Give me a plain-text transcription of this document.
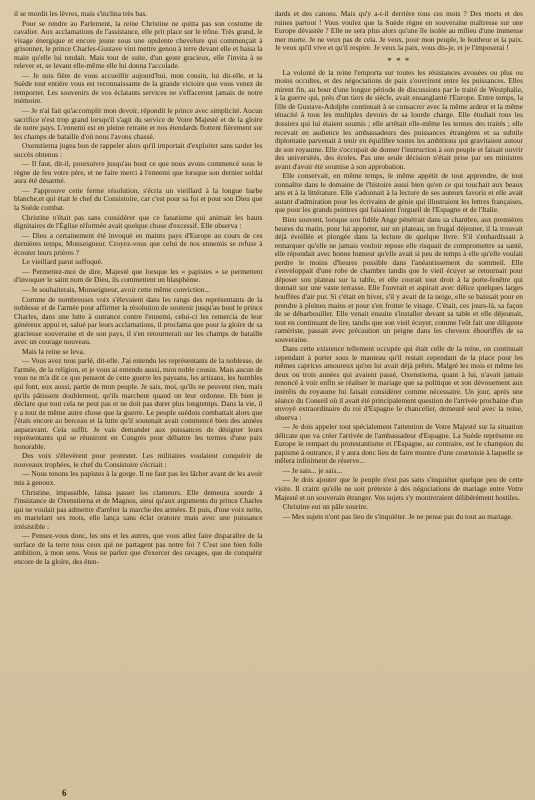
il se mordit les lèvres, mais s'inclina très bas.

Pour se rendre au Parlement, la reine Christine ne quitta pas son costume de cavalier. Aux acclamations de l'assistance, elle prit place sur le trône. Très grand, le visage énergique et encore jeune sous une opulente chevelure qui commençait à grisonner, le prince Charles-Gustave vint mettre genou à terre devant elle et baisa la main qu'elle lui tendait. Mais tout de suite, d'un geste gracieux, elle l'invita à se relever et, se levant elle-même elle lui donna l'accolade.

— Je suis fière de vous accueillir aujourd'hui, mon cousin, lui dit-elle, et la Suède tout entière vous est reconnaissante de la grande victoire que vous venez de remporter. Les souvenirs de vos éclatants services ne s'effaceront jamais de notre mémoire.

— Je n'ai fait qu'accomplir mon devoir, répondit le prince avec simplicité. Aucun sacrifice n'est trop grand lorsqu'il s'agit du service de Votre Majesté et de la gloire de notre pays. L'ennemi est en pleine retraite et nos étendards flottent fièrement sur les champs de bataille d'où nous l'avons chassé.

Oxenstierna jugea bon de rappeler alors qu'il importait d'exploiter sans tarder les succès obtenus :

— Il faut, dit-il, poursuivre jusqu'au bout ce que nous avons commencé sous le règne de feu votre père, et ne faire merci à l'ennemi que lorsque son dernier soldat aura été désarmé.

— J'approuve cette ferme résolution, s'écria un vieillard à la longue barbe blanche,et qui était le chef du Consistoire, car c'est pour sa foi et pour son Dieu que la Suède combat.

Christine n'était pas sans considérer que ce fanatisme qui animait les hauts dignitaires de l'Église réformée avait quelque chose d'excessif. Elle observa :

— Dieu a certainement été invoqué en maints pays d'Europe au cours de ces dernières temps, Monseigneur. Croyez-vous que celui de nos ennemis se refuse à écouter leurs prières ?

Le vieillard parut suffoqué.

— Permettez-moi de dire, Majesté que lorsque les « papistes » se permettent d'invoquer le saint nom de Dieu, ils commettent un blasphème.

— Je souhaiterais, Monseigneur, avoir cette même conviction...

Comme de nombreuses voix s'élevaient dans les rangs des représentants de la noblesse et de l'armée pour affirmer la résolution de soutenir jusqu'au bout le prince Charles, dans une lutte à outrance contre l'ennemi, celui-ci les remercia de leur généreux appui et, salué par leurs acclamations, il proclama que pour la gloire de sa gracieuse souveraine et de son pays, il s'en retournerait sur les champs de bataille avec un courage nouveau.

Mais la reine se leva.

— Vous avez tous parlé, dit-elle. J'ai entendu les représentants de la noblesse, de l'armée, de la religion, et je vous ai entendu aussi, mon noble cousin. Mais aucun de vous ne m'a dit ce que pensent de cette guerre les paysans, les artisans, les humbles qui font, eux aussi, partie de mon peuple. Je sais, moi, qu'ils ne peuvent rien, mais qu'ils pâtissent doublement, qu'ils marchent quand on leur ordonne. Eh bien je déclare que tout cela ne peut pas et ne doit pas durer plus longtemps. Dans la vie, il y a tout de même autre chose que la guerre. Le peuple suédois combattait alors que j'étais encore au berceau et la lutte qu'il soutenait avait commencé bien des années auparavant. Cela suffit. Je vais demander aux puissances de désigner leurs représentants qui se réuniront en Congrès pour débattre les termes d'une paix honorable.

Des voix s'élevèrent pour protester. Les militaires voulaient conquérir de nouveaux trophées, le chef du Consistoire s'écriait :

— Nous tenons les papistes à la gorge. Il ne faut pas les lâcher avant de les avoir mis à genoux.

Christine, impassible, laissa passer les clameurs. Elle demeura sourde à l'insistance de Oxenstierna et de Magnus, ainsi qu'aux arguments du prince Charles qui ne voulait pas admettre d'arrêter la marche des armées. Et puis, d'une voix nette, en martelant ses mots, elle lança sans éclat oratoire mais avec une puissance irrésistible :

— Pensez-vous donc, les uns et les autres, que vous allez faire disparaître de la surface de la terre tous ceux qui ne partagent pas notre foi ? C'est une bien folle ambition, à mon sens. Vous ne parlez que d'exercer des ravages, que de conquérir encore de la gloire, des éten-

dards et des canons. Mais qu'y a-t-il derrière tous ces mots ? Des morts et des ruines partout ! Vous voulez que la Suède règne en souveraine maîtresse sur une Europe dévastée ? Elle ne sera plus alors qu'une île isolée au milieu d'une immense mer morte. Je ne veux pas de cela. Je veux, pour mon peuple, le bonheur et la paix. Je veux qu'il vive et qu'il respire. Je veux la paix, vous dis-je, et je l'imposerai !

* * *

La volonté de la reine l'emporta sur toutes les résistances avouées ou plus ou moins occultes, et des négociations de paix s'ouvrirent entre les puissances. Elles mirent fin, au bout d'une longue période de discussions par le traité de Westphalie, à la guerre qui, près d'un tiers de siècle, avait ensanglanté l'Europe. Entre temps, la fille de Gustave-Adolphe continuait à se consacrer avec la même ardeur et la même ténacité à tous les multiples devoirs de sa lourde charge. Elle étudiait tous les dossiers qui lui étaient soumis ; elle arrêtait elle-même les termes des traités ; elle recevait en audience les ambassadeurs des puissances étrangères et sa subtile diplomatie parvenait à tenir en équilibre toutes les ambitions qui gravitaient autour de son royaume. Elle s'occupait de donner l'instruction à son peuple et faisait ouvrir des universités, des écoles. Pas une seule décision n'était prise par ses ministres avant d'avoir été soumise à son approbation.

Elle conservait, en même temps, le même appétit de tout apprendre, de tout connaître dans le domaine de l'histoire aussi bien qu'en ce qui touchait aux beaux arts et à la littérature. Elle s'adonnait à la lecture de ses auteurs favoris et elle avait autant d'admiration pour les écrivains de génie qui illustraient les lettres françaises, que pour les grands peintres qui faisaient l'orgueil de l'Espagne et de l'Italie.

Bien souvent, lorsque son fidèle Ange pénétrait dans sa chambre, aux premières heures du matin, pour lui apporter, sur un plateau, un frugal déjeuner, il la trouvait déjà éveillée et plongée dans la lecture de quelque livre. S'il s'enhardissait à remarquer qu'elle ne jamais vouloir repose elle risquait de compromettre sa santé, elle répondait avec bonne humeur qu'elle avait si peu de temps à elle qu'elle voulait perdre le moins d'heures possible dans l'anéantissement du sommeil. Elle s'enveloppait d'une robe de chambre tandis que le vieil écuyer se retournait pour déposer son plateau sur la table, et elle courait tout droit à la porte-fenêtre qui donnait sur une vaste terrasse. Elle l'ouvrait et aspirait avec délice quelques larges bouffées d'air pur. Si c'était en hiver, s'il y avait de la neige, elle se baissait pour en prendre à pleines mains et pour s'en frotter le visage. C'était, ces jours-là, sa façon de se débarbouiller. Elle venait ensuite s'installer devant sa table et elle déjeunait, tout en continuant de lire, tandis que son vieil écuyer, comme l'eût fait une diligente camériste, passait avec précaution un peigne dans les cheveux ébouriffés de sa souveraine.

Dans cette existence tellement occupée qui était celle de la reine, on continuait cependant à porter sous le manteau qu'il restait cependant de la place pour les mêmes caprices amoureux qu'on lui avait déjà prêtés. Malgré les mois et même les deux ou trois années qui avaient passé, Oxenstierna, quant à lui, n'avait jamais renoncé à voir enfin se réaliser le mariage que sa politique et son dévouement aux intérêts du royaume lui faisait considérer comme nécessaire. Un jour, après une séance du Conseil où il avait été principalement question de l'arrivée prochaine d'un envoyé extraordinaire du roi d'Espagne le chancelier, demeuré seul avec la reine, observa :

— Je dois appeler tout spécialement l'attention de Votre Majesté sur la situation délicate que va créer l'arrivée de l'ambassadeur d'Espagne. La Suède représente en Europe le rempart du protestantisme et l'Espagne, au contraire, est le champion du papisme à outrance, il y aura donc lieu de faire montre d'une courtoisie à laquelle se mêlera infiniment de réserve...

— Je sais... je sais...

— Je dois ajouter que le peuple n'est pas sans s'inquiéter quelque peu de cette visite. Il craint qu'elle ne soit prétexte à des négociations de mariage entre Votre Majesté et un souverain étranger. Vos sujets s'y montreraient délibérément hostiles.

Christine eut un pâle sourire.

— Mes sujets n'ont pas lieu de s'inquiéter. Je ne pense pas du tout au mariage.

6
